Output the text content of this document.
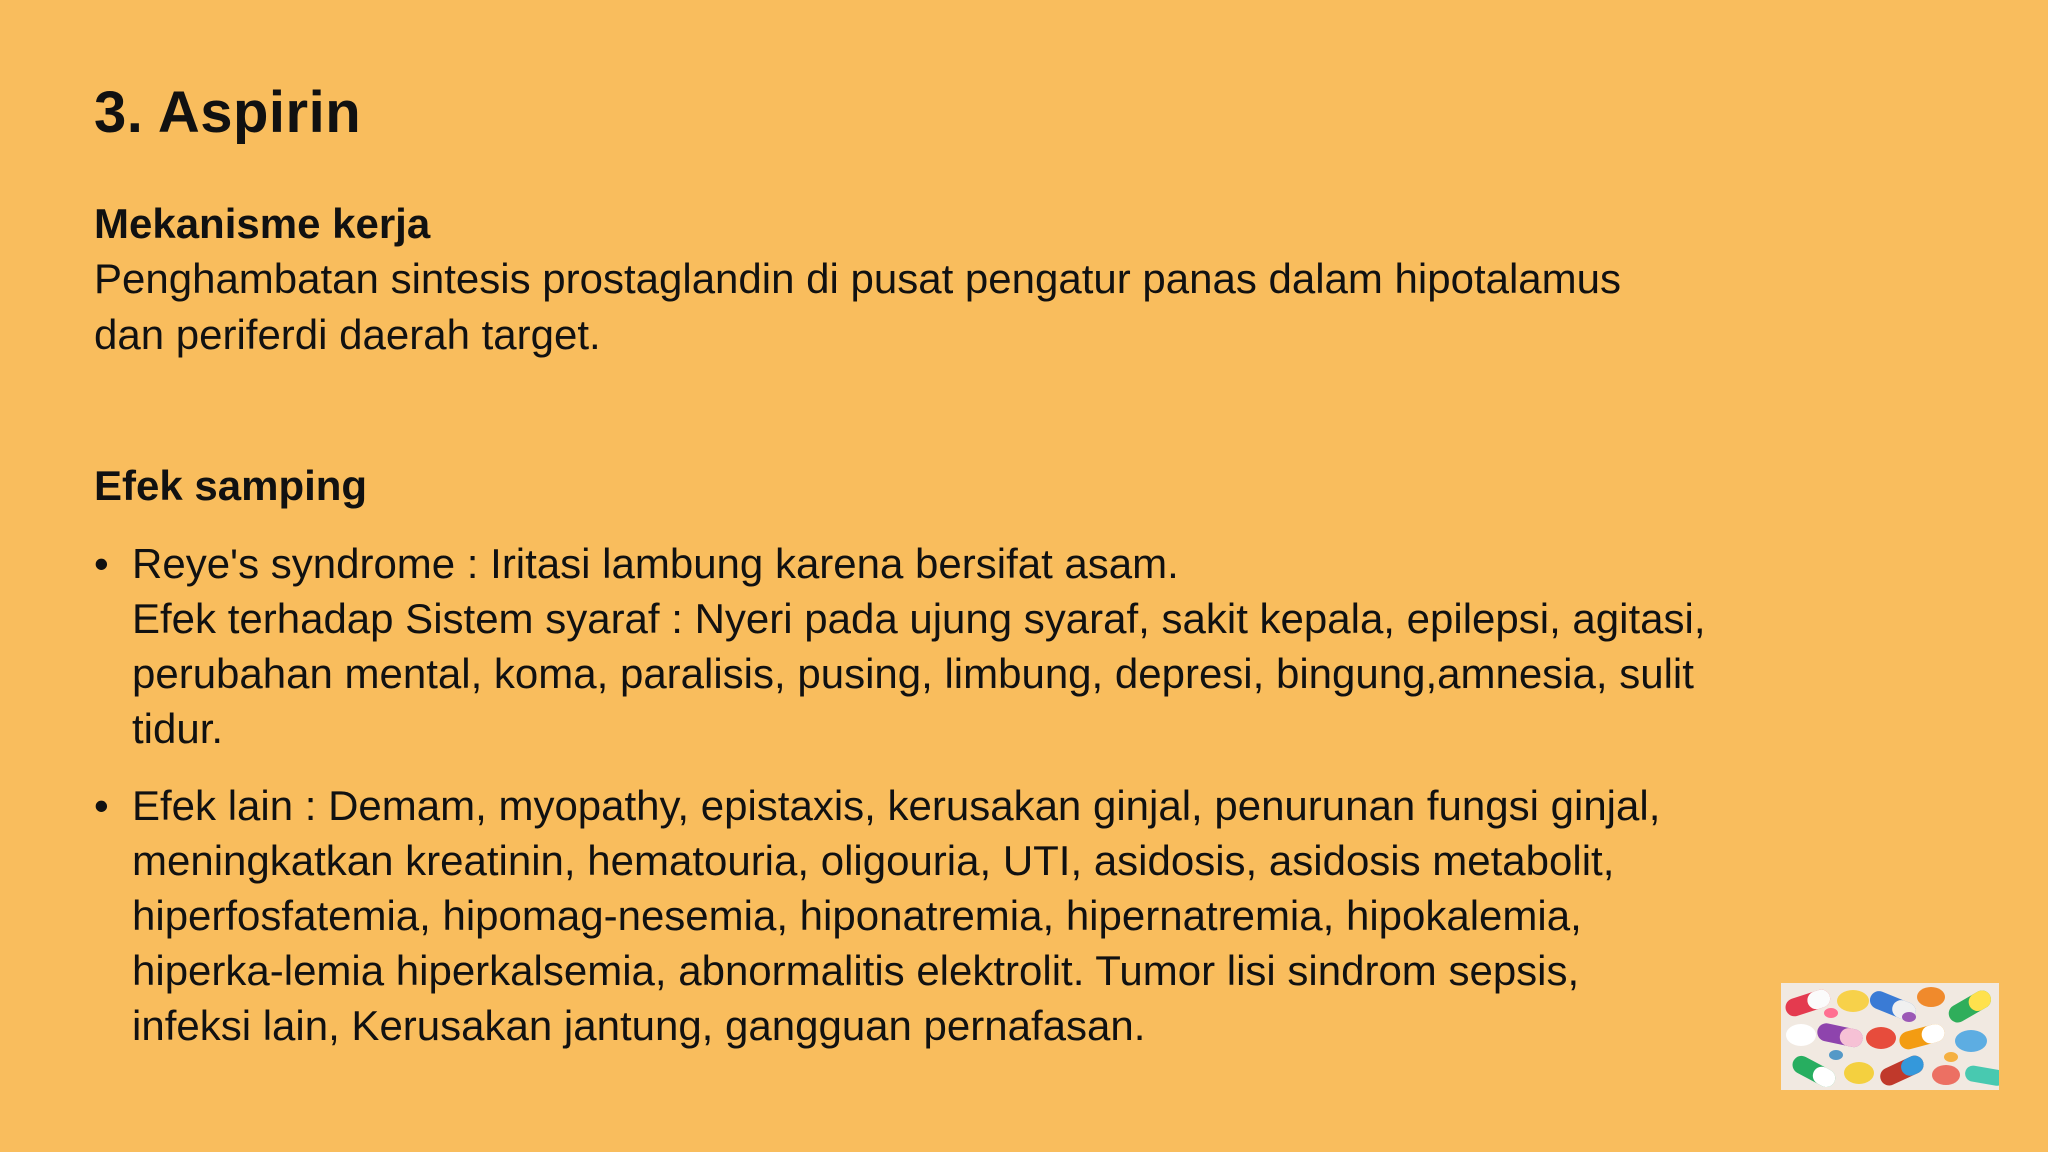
3. Aspirin
Mekanisme kerja

Penghambatan sintesis prostaglandin di pusat pengatur panas dalam hipotalamus
dan periferdi daerah target.

Efek samping
• Reye's syndrome : Iritasi lambung karena bersifat asam.
Efek terhadap Sistem syaraf : Nyeri pada ujung syaraf, sakit kepala, epilepsi, agitasi,
perubahan mental, koma, paralisis, pusing, limbung, depresi, bingung,amnesia, sulit
tidur.
• Efek lain : Demam, myopathy, epistaxis, kerusakan ginjal, penurunan fungsi ginjal,
meningkatkan kreatinin, hematouria, oligouria, UTI, asidosis, asidosis metabolit,
hiperfosfatemia, hipomag-nesemia, hiponatremia, hipernatremia, hipokalemia,
hiperka-lemia hiperkalsemia, abnormalitis elektrolit. Tumor lisi sindrom sepsis,
infeksi lain, Kerusakan jantung, gangguan pernafasan.
